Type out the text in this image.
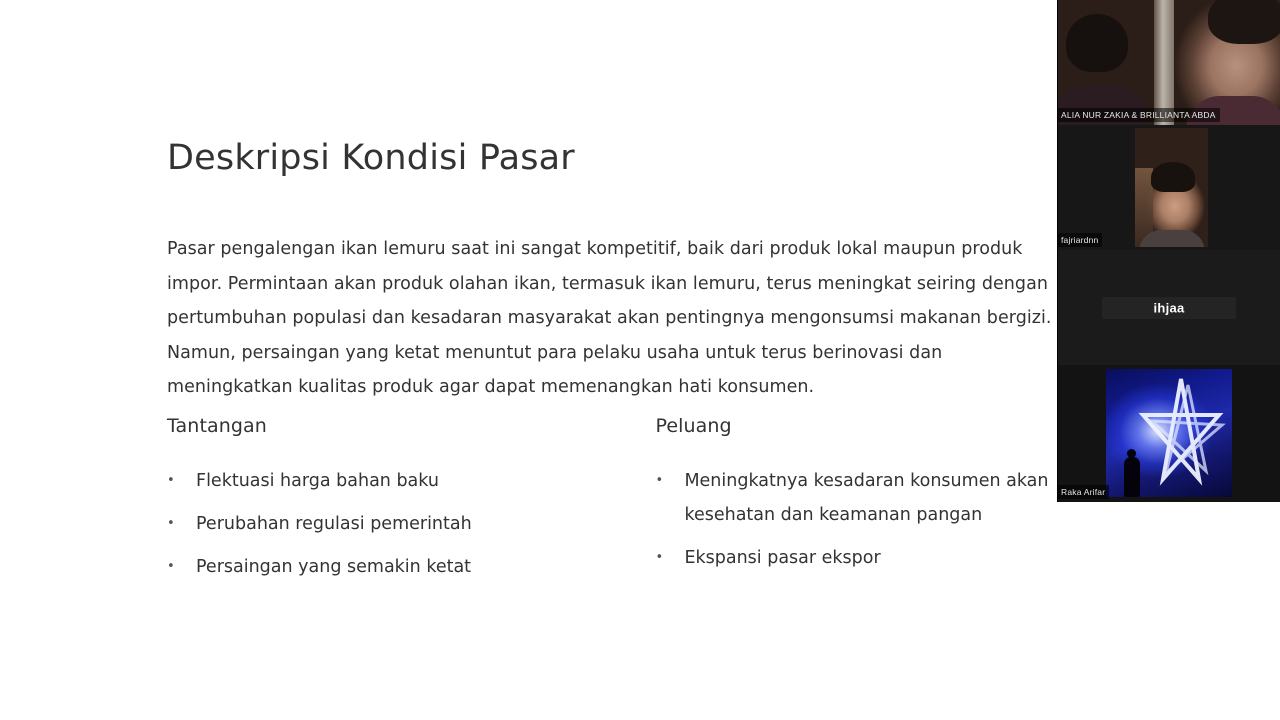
Deskripsi Kondisi Pasar
Pasar pengalengan ikan lemuru saat ini sangat kompetitif, baik dari produk lokal maupun produk impor. Permintaan akan produk olahan ikan, termasuk ikan lemuru, terus meningkat seiring dengan pertumbuhan populasi dan kesadaran masyarakat akan pentingnya mengonsumsi makanan bergizi. Namun, persaingan yang ketat menuntut para pelaku usaha untuk terus berinovasi dan meningkatkan kualitas produk agar dapat memenangkan hati konsumen.
Tantangan
•	Flektuasi harga bahan baku
•	Perubahan regulasi pemerintah
•	Persaingan yang semakin ketat
Peluang
•	Meningkatnya kesadaran konsumen akan kesehatan dan keamanan pangan
•	Ekspansi pasar ekspor
ALIA NUR ZAKIA & BRILLIANTA ABDA
fajriardnn
ihjaa
Raka Arifar
